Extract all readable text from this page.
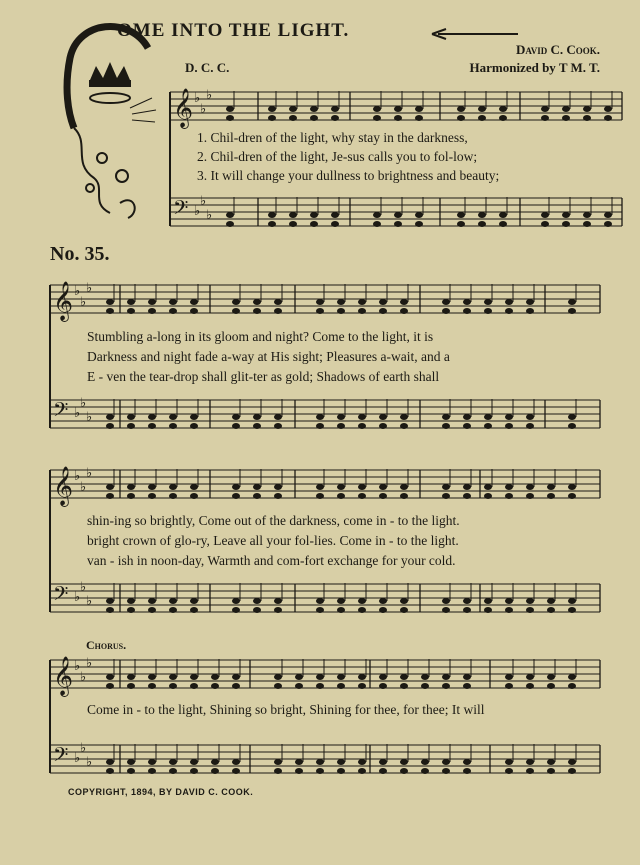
OME INTO THE LIGHT.
David C. Cook.
Harmonized by T M. T.
D. C. C.
No. 35.
Chorus.
COPYRIGHT, 1894, BY DAVID C. COOK.
𝄞 ♭
♭
♭
𝄢 ♭
♭
♭
𝄞 ♭
♭
♭
𝄢 ♭
♭
♭
𝄞 ♭
♭
♭
𝄢 ♭
♭
♭
𝄞 ♭
♭
♭
𝄢 ♭
♭
♭
1. Chil-dren of the light, why stay in the darkness,
2. Chil-dren of the light, Je-sus calls you to fol-low;
3. It will change your dullness to brightness and beauty;
Stumbling a-long in its gloom and night? Come to the light, it is
Darkness and night fade a-way at His sight; Pleasures a-wait, and a
E - ven the tear-drop shall glit-ter as gold; Shadows of earth shall
shin-ing so brightly, Come out of the darkness, come in - to the light.
bright crown of glo-ry, Leave all your fol-lies. Come in - to the light.
van - ish in noon-day, Warmth and com-fort exchange for your cold.
Come in - to the light, Shining so bright, Shining for thee, for thee; It will
